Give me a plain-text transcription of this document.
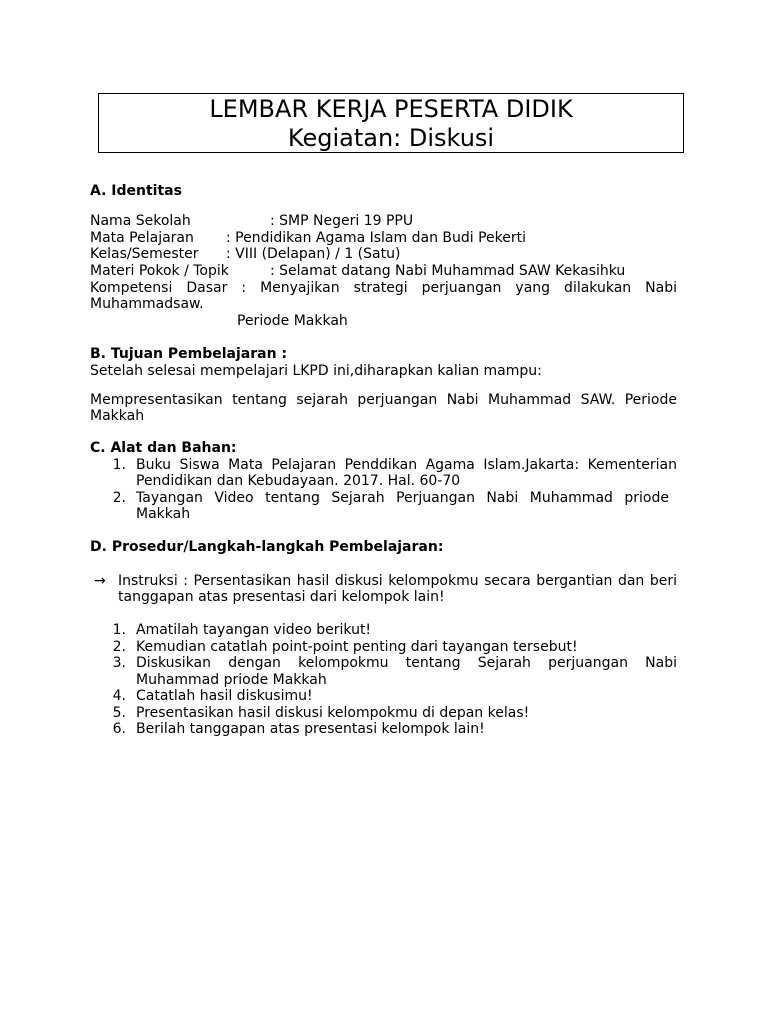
LEMBAR KERJA PESERTA DIDIK
Kegiatan: Diskusi
A. Identitas
Nama Sekolah	: SMP Negeri 19 PPU
Mata Pelajaran : Pendidikan Agama Islam dan Budi Pekerti
Kelas/Semester : VIII (Delapan) / 1 (Satu)
Materi Pokok / Topik	: Selamat datang Nabi Muhammad SAW Kekasihku
Kompetensi Dasar : Menyajikan strategi perjuangan yang dilakukan Nabi
Muhammadsaw.
Periode Makkah
B. Tujuan Pembelajaran :
Setelah selesai mempelajari LKPD ini,diharapkan kalian mampu:
Mempresentasikan tentang sejarah perjuangan Nabi Muhammad SAW. Periode
Makkah
C. Alat dan Bahan:
1. Buku Siswa Mata Pelajaran Penddikan Agama Islam.Jakarta: Kementerian
Pendidikan dan Kebudayaan. 2017. Hal. 60-70
2. Tayangan Video tentang Sejarah Perjuangan Nabi Muhammad priode
Makkah
D. Prosedur/Langkah-langkah Pembelajaran:
→ Instruksi : Persentasikan hasil diskusi kelompokmu secara bergantian dan beri
tanggapan atas presentasi dari kelompok lain!
1. Amatilah tayangan video berikut!
2. Kemudian catatlah point-point penting dari tayangan tersebut!
3. Diskusikan dengan kelompokmu tentang Sejarah perjuangan Nabi
Muhammad priode Makkah
4. Catatlah hasil diskusimu!
5. Presentasikan hasil diskusi kelompokmu di depan kelas!
6. Berilah tanggapan atas presentasi kelompok lain!
